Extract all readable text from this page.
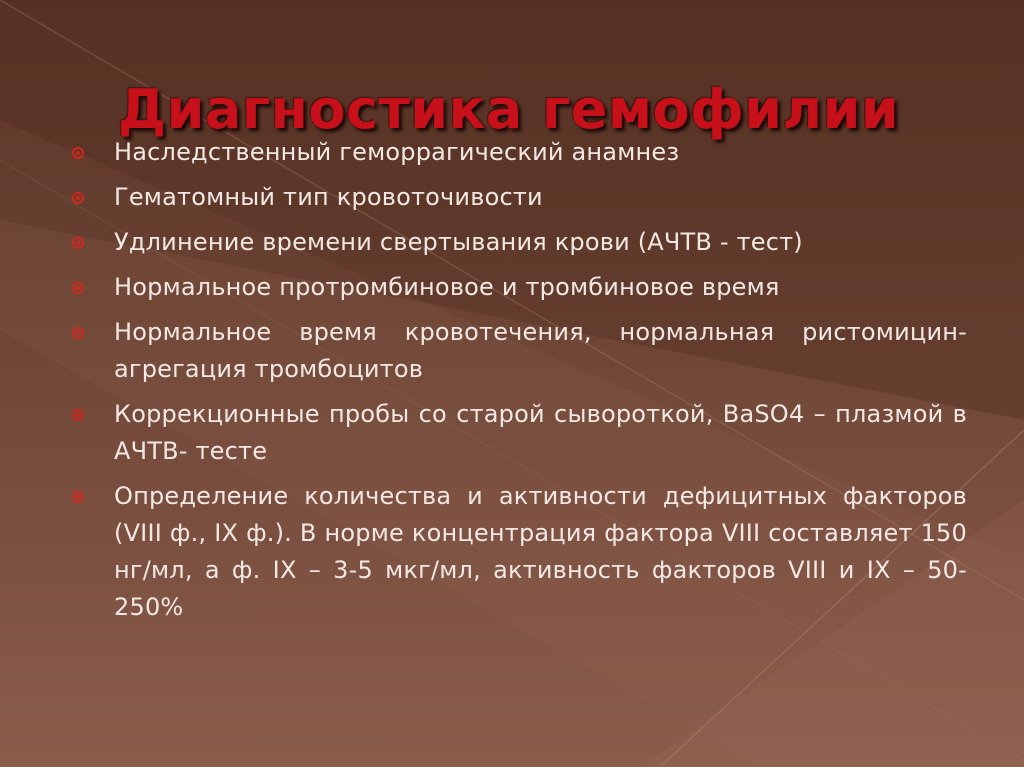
Диагностика гемофилии
Наследственный геморрагический анамнез
Гематомный тип кровоточивости
Удлинение времени свертывания крови (АЧТВ - тест)
Нормальное протромбиновое и тромбиновое время
Нормальное время кровотечения, нормальная ристомицин-агрегация тромбоцитов
Коррекционные пробы со старой сывороткой, BaSO4 – плазмой в АЧТВ- тесте
Определение количества и активности дефицитных факторов (VIII ф., IX ф.). В норме концентрация фактора VIII составляет 150 нг/мл, а ф. IX – 3-5 мкг/мл, активность факторов VIII и IX – 50-250%
